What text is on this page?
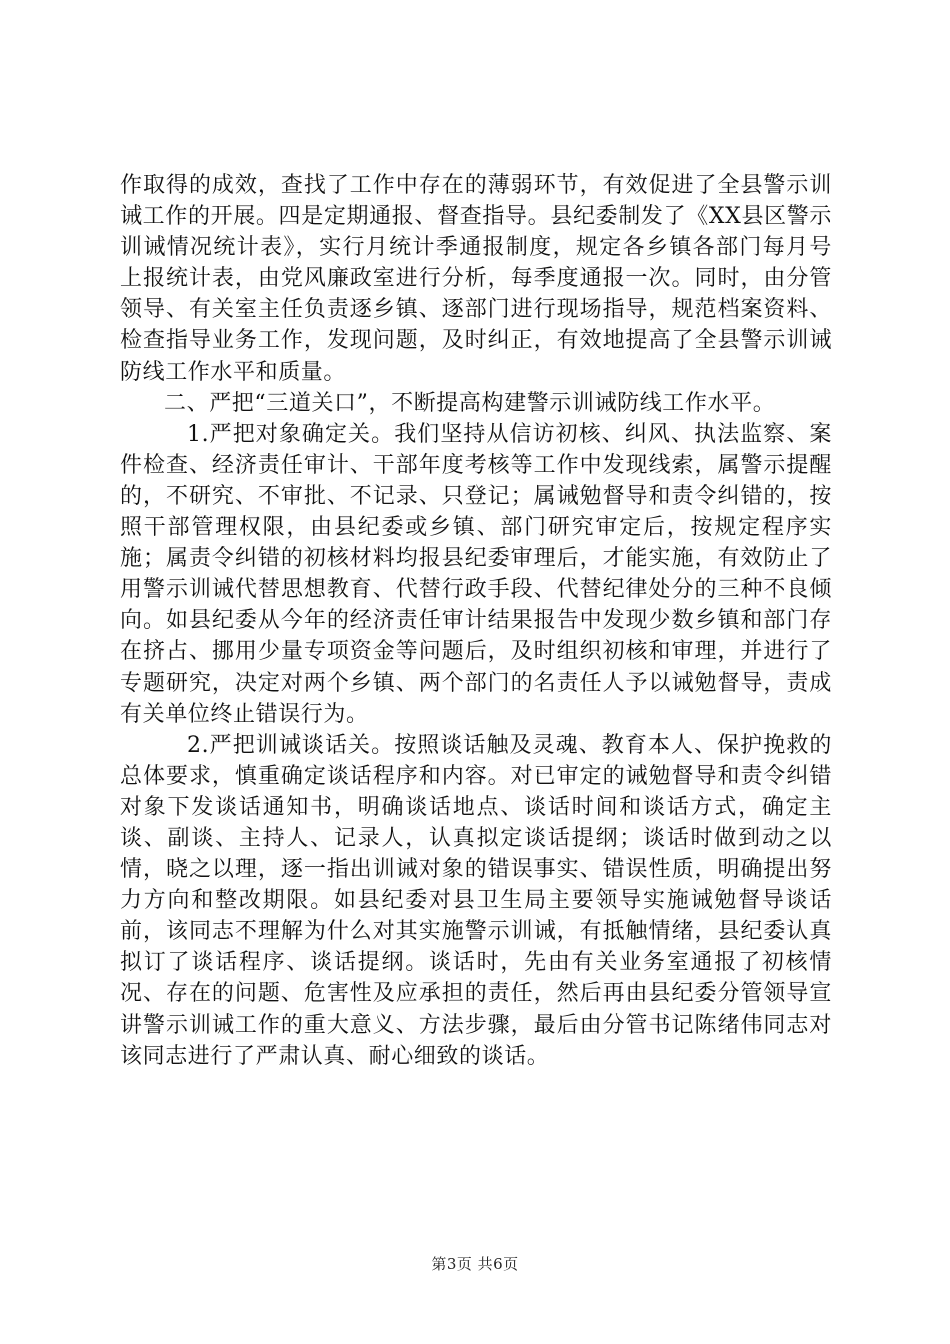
作取得的成效，查找了工作中存在的薄弱环节，有效促进了全县警示训诫工作的开展。四是定期通报、督查指导。县纪委制发了《XX县区警示训诫情况统计表》，实行月统计季通报制度，规定各乡镇各部门每月号上报统计表，由党风廉政室进行分析，每季度通报一次。同时，由分管领导、有关室主任负责逐乡镇、逐部门进行现场指导，规范档案资料、检查指导业务工作，发现问题，及时纠正，有效地提高了全县警示训诫防线工作水平和质量。

二、严把“三道关口”，不断提高构建警示训诫防线工作水平。

1.严把对象确定关。我们坚持从信访初核、纠风、执法监察、案件检查、经济责任审计、干部年度考核等工作中发现线索，属警示提醒的，不研究、不审批、不记录、只登记；属诫勉督导和责令纠错的，按照干部管理权限，由县纪委或乡镇、部门研究审定后，按规定程序实施；属责令纠错的初核材料均报县纪委审理后，才能实施，有效防止了用警示训诫代替思想教育、代替行政手段、代替纪律处分的三种不良倾向。如县纪委从今年的经济责任审计结果报告中发现少数乡镇和部门存在挤占、挪用少量专项资金等问题后，及时组织初核和审理，并进行了专题研究，决定对两个乡镇、两个部门的名责任人予以诫勉督导，责成有关单位终止错误行为。

2.严把训诫谈话关。按照谈话触及灵魂、教育本人、保护挽救的总体要求，慎重确定谈话程序和内容。对已审定的诫勉督导和责令纠错对象下发谈话通知书，明确谈话地点、谈话时间和谈话方式，确定主谈、副谈、主持人、记录人，认真拟定谈话提纲；谈话时做到动之以情，晓之以理，逐一指出训诫对象的错误事实、错误性质，明确提出努力方向和整改期限。如县纪委对县卫生局主要领导实施诫勉督导谈话前，该同志不理解为什么对其实施警示训诫，有抵触情绪，县纪委认真拟订了谈话程序、谈话提纲。谈话时，先由有关业务室通报了初核情况、存在的问题、危害性及应承担的责任，然后再由县纪委分管领导宣讲警示训诫工作的重大意义、方法步骤，最后由分管书记陈绪伟同志对该同志进行了严肃认真、耐心细致的谈话。

第3页 共6页
